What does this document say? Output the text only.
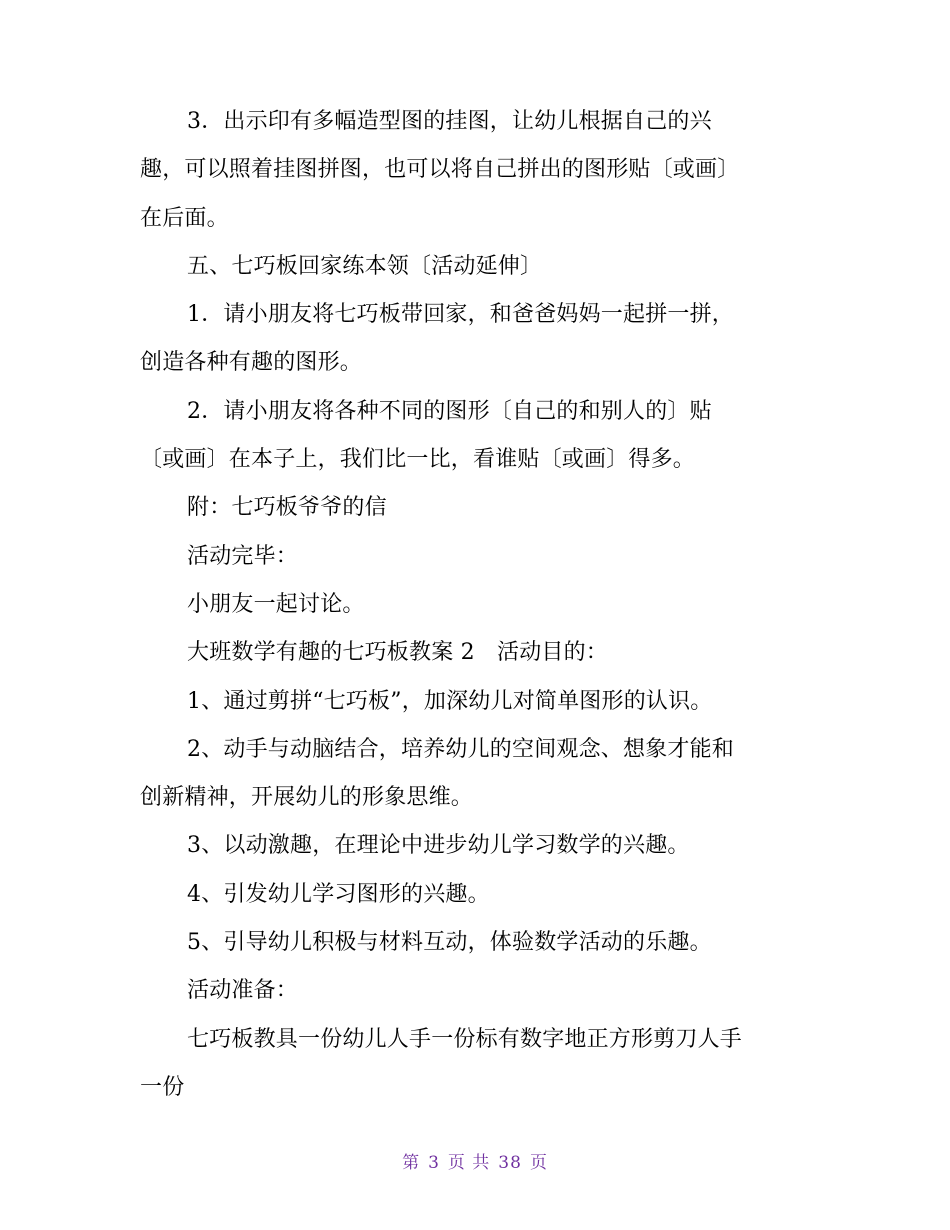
3．出示印有多幅造型图的挂图，让幼儿根据自己的兴
趣，可以照着挂图拼图，也可以将自己拼出的图形贴〔或画〕
在后面。
五、七巧板回家练本领〔活动延伸〕
1．请小朋友将七巧板带回家，和爸爸妈妈一起拼一拼，
创造各种有趣的图形。
2．请小朋友将各种不同的图形〔自己的和别人的〕贴
〔或画〕在本子上，我们比一比，看谁贴〔或画〕得多。
附：七巧板爷爷的信
活动完毕：
小朋友一起讨论。
大班数学有趣的七巧板教案 2　活动目的：
1、通过剪拼“七巧板”，加深幼儿对简单图形的认识。
2、动手与动脑结合，培养幼儿的空间观念、想象才能和
创新精神，开展幼儿的形象思维。
3、以动激趣，在理论中进步幼儿学习数学的兴趣。
4、引发幼儿学习图形的兴趣。
5、引导幼儿积极与材料互动，体验数学活动的乐趣。
活动准备：
七巧板教具一份幼儿人手一份标有数字地正方形剪刀人手
一份
第 3 页 共 38 页
